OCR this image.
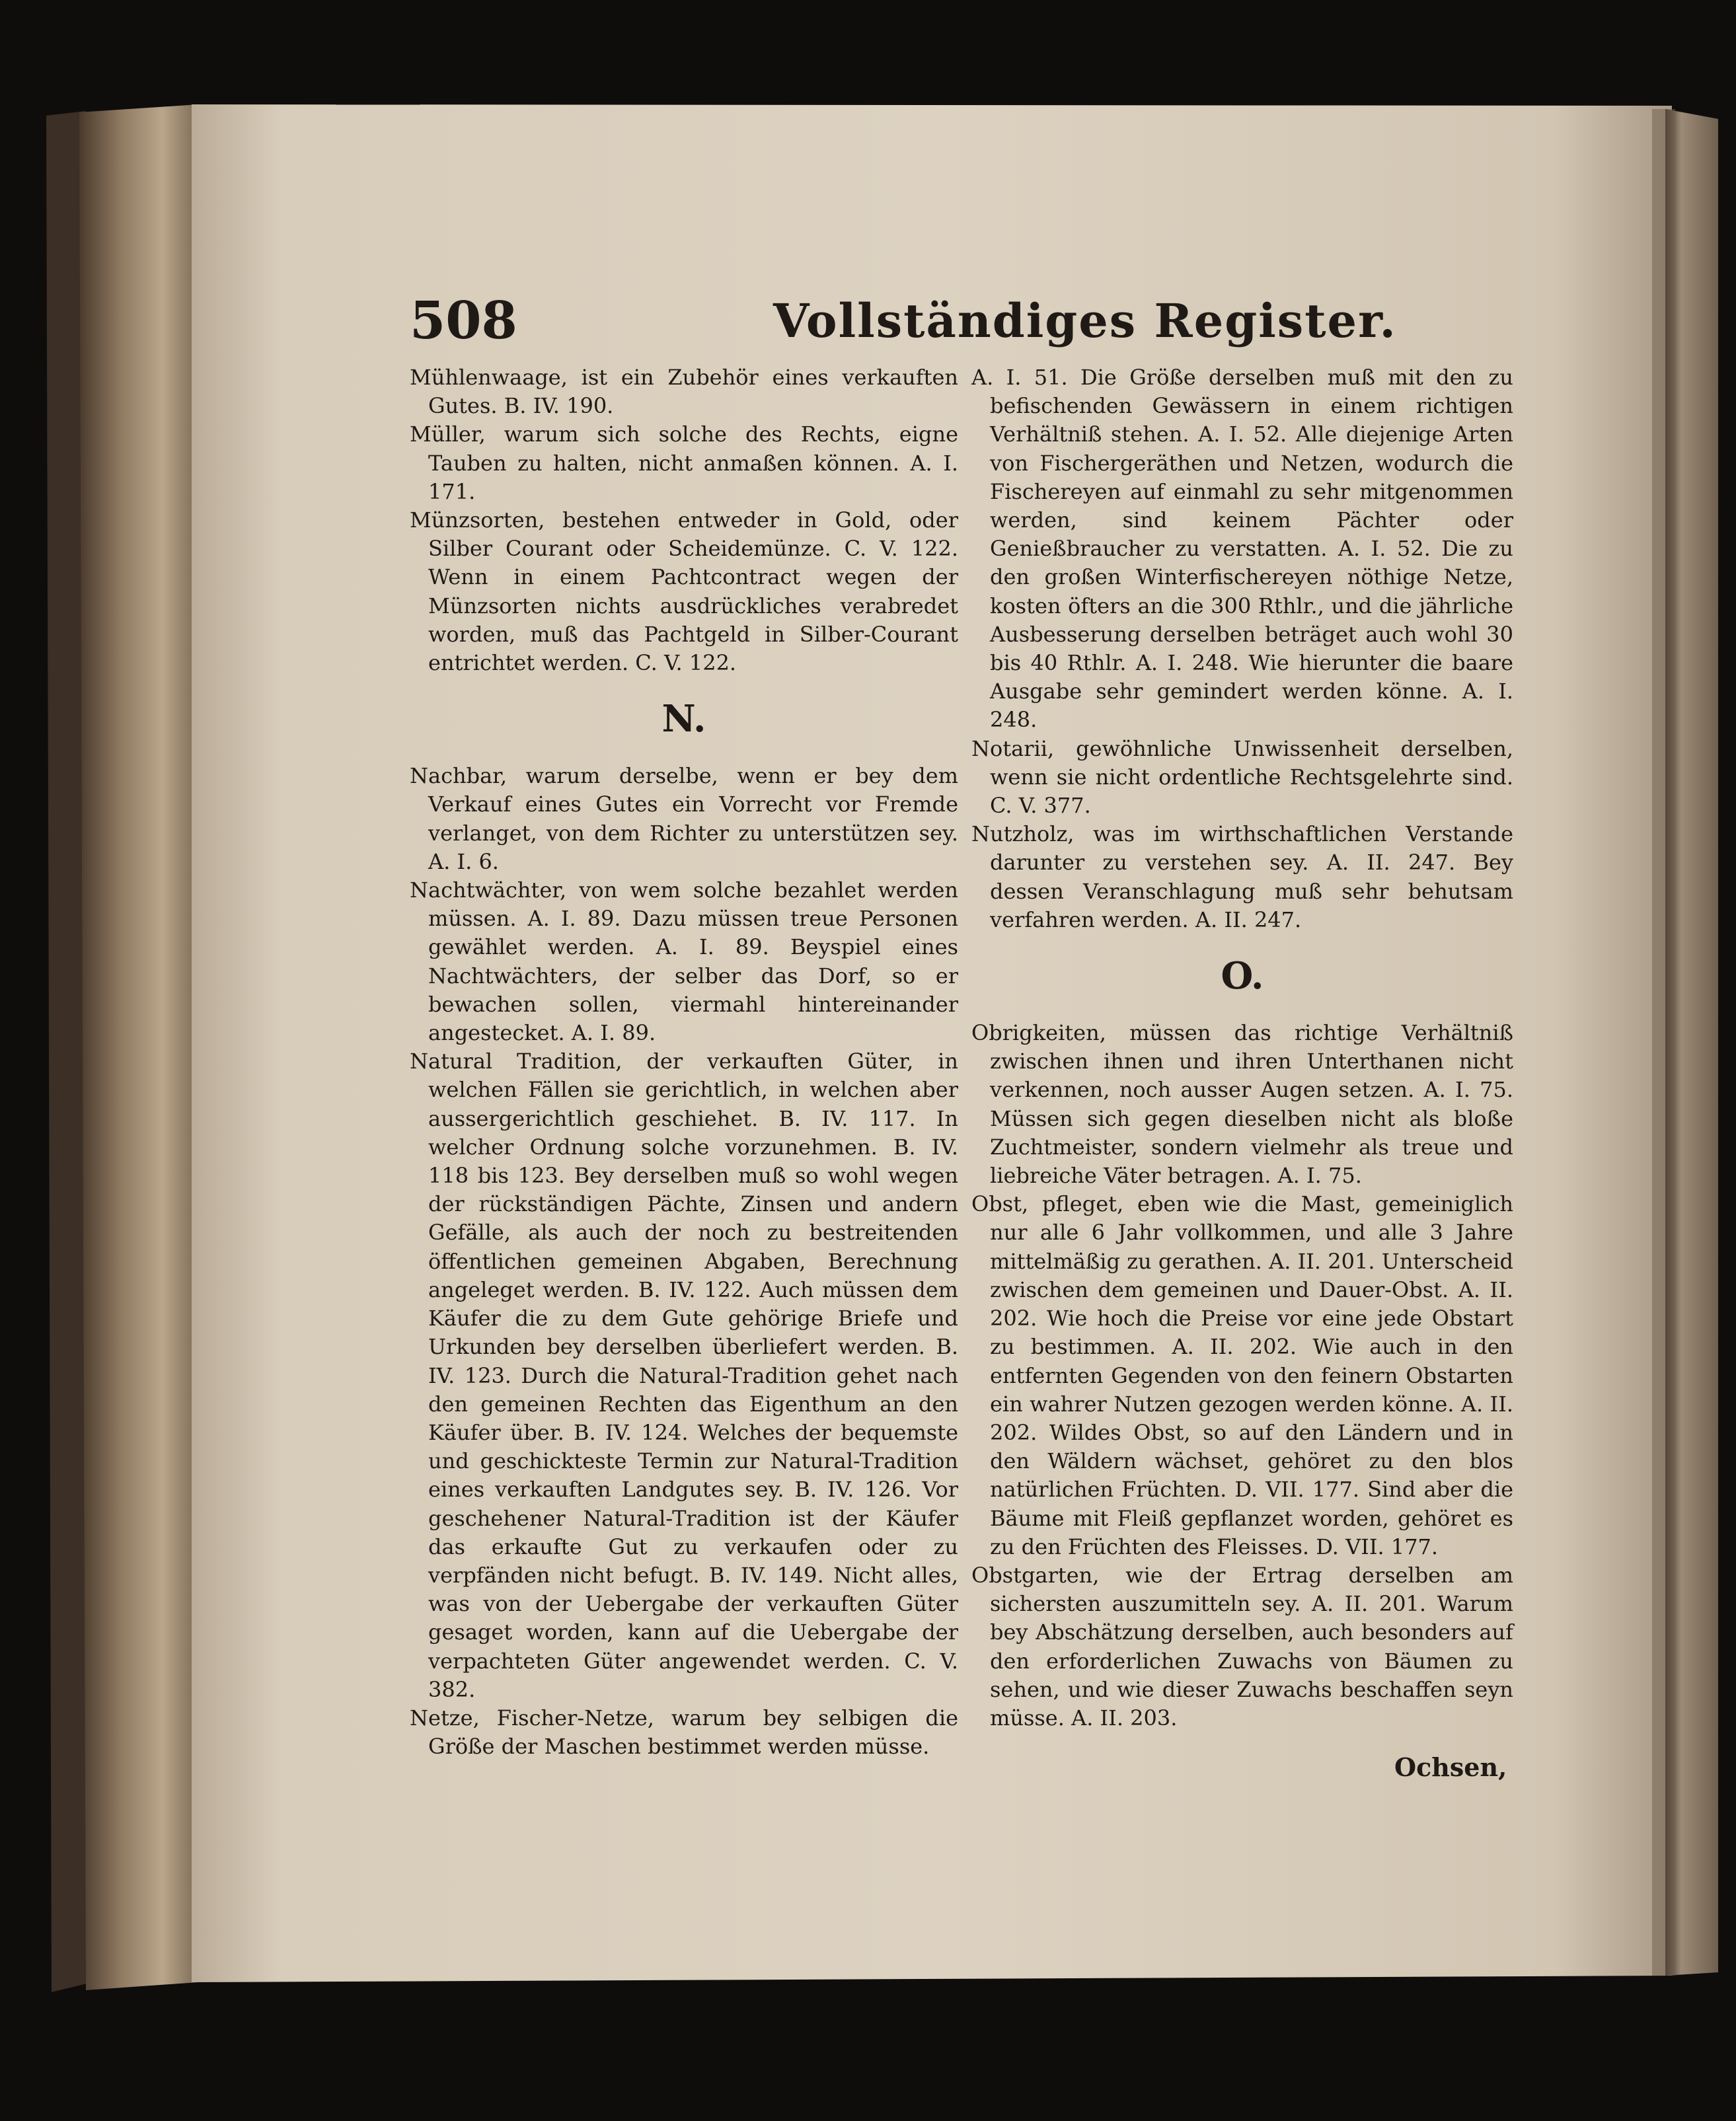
508	Vollständiges Register.

Mühlenwaage, ist ein Zubehör eines verkauften Gutes. B. IV. 190.

Müller, warum sich solche des Rechts, eigne Tauben zu halten, nicht anmaßen können. A. I. 171.

Münzsorten, bestehen entweder in Gold, oder Silber Courant oder Scheidemünze. C. V. 122. Wenn in einem Pachtcontract wegen der Münzsorten nichts ausdrückliches verabredet worden, muß das Pachtgeld in Silber-Courant entrichtet werden. C. V. 122.

N.

Nachbar, warum derselbe, wenn er bey dem Verkauf eines Gutes ein Vorrecht vor Fremde verlanget, von dem Richter zu unterstützen sey. A. I. 6.

Nachtwächter, von wem solche bezahlet werden müssen. A. I. 89. Dazu müssen treue Personen gewählet werden. A. I. 89. Beyspiel eines Nachtwächters, der selber das Dorf, so er bewachen sollen, viermahl hintereinander angestecket. A. I. 89.

Natural Tradition, der verkauften Güter, in welchen Fällen sie gerichtlich, in welchen aber aussergerichtlich geschiehet. B. IV. 117. In welcher Ordnung solche vorzunehmen. B. IV. 118 bis 123. Bey derselben muß so wohl wegen der rückständigen Pächte, Zinsen und andern Gefälle, als auch der noch zu bestreitenden öffentlichen gemeinen Abgaben, Berechnung angeleget werden. B. IV. 122. Auch müssen dem Käufer die zu dem Gute gehörige Briefe und Urkunden bey derselben überliefert werden. B. IV. 123. Durch die Natural-Tradition gehet nach den gemeinen Rechten das Eigenthum an den Käufer über. B. IV. 124. Welches der bequemste und geschickteste Termin zur Natural-Tradition eines verkauften Landgutes sey. B. IV. 126. Vor geschehener Natural-Tradition ist der Käufer das erkaufte Gut zu verkaufen oder zu verpfänden nicht befugt. B. IV. 149. Nicht alles, was von der Uebergabe der verkauften Güter gesaget worden, kann auf die Uebergabe der verpachteten Güter angewendet werden. C. V. 382.

Netze, Fischer-Netze, warum bey selbigen die Größe der Maschen bestimmet werden müsse.

A. I. 51. Die Größe derselben muß mit den zu befischenden Gewässern in einem richtigen Verhältniß stehen. A. I. 52. Alle diejenige Arten von Fischergeräthen und Netzen, wodurch die Fischereyen auf einmahl zu sehr mitgenommen werden, sind keinem Pächter oder Genießbraucher zu verstatten. A. I. 52. Die zu den großen Winterfischereyen nöthige Netze, kosten öfters an die 300 Rthlr., und die jährliche Ausbesserung derselben beträget auch wohl 30 bis 40 Rthlr. A. I. 248. Wie hierunter die baare Ausgabe sehr gemindert werden könne. A. I. 248.

Notarii, gewöhnliche Unwissenheit derselben, wenn sie nicht ordentliche Rechtsgelehrte sind. C. V. 377.

Nutzholz, was im wirthschaftlichen Verstande darunter zu verstehen sey. A. II. 247. Bey dessen Veranschlagung muß sehr behutsam verfahren werden. A. II. 247.

O.

Obrigkeiten, müssen das richtige Verhältniß zwischen ihnen und ihren Unterthanen nicht verkennen, noch ausser Augen setzen. A. I. 75. Müssen sich gegen dieselben nicht als bloße Zuchtmeister, sondern vielmehr als treue und liebreiche Väter betragen. A. I. 75.

Obst, pfleget, eben wie die Mast, gemeiniglich nur alle 6 Jahr vollkommen, und alle 3 Jahre mittelmäßig zu gerathen. A. II. 201. Unterscheid zwischen dem gemeinen und Dauer-Obst. A. II. 202. Wie hoch die Preise vor eine jede Obstart zu bestimmen. A. II. 202. Wie auch in den entfernten Gegenden von den feinern Obstarten ein wahrer Nutzen gezogen werden könne. A. II. 202. Wildes Obst, so auf den Ländern und in den Wäldern wächset, gehöret zu den blos natürlichen Früchten. D. VII. 177. Sind aber die Bäume mit Fleiß gepflanzet worden, gehöret es zu den Früchten des Fleisses. D. VII. 177.

Obstgarten, wie der Ertrag derselben am sichersten auszumitteln sey. A. II. 201. Warum bey Abschätzung derselben, auch besonders auf den erforderlichen Zuwachs von Bäumen zu sehen, und wie dieser Zuwachs beschaffen seyn müsse. A. II. 203.

Ochsen,
